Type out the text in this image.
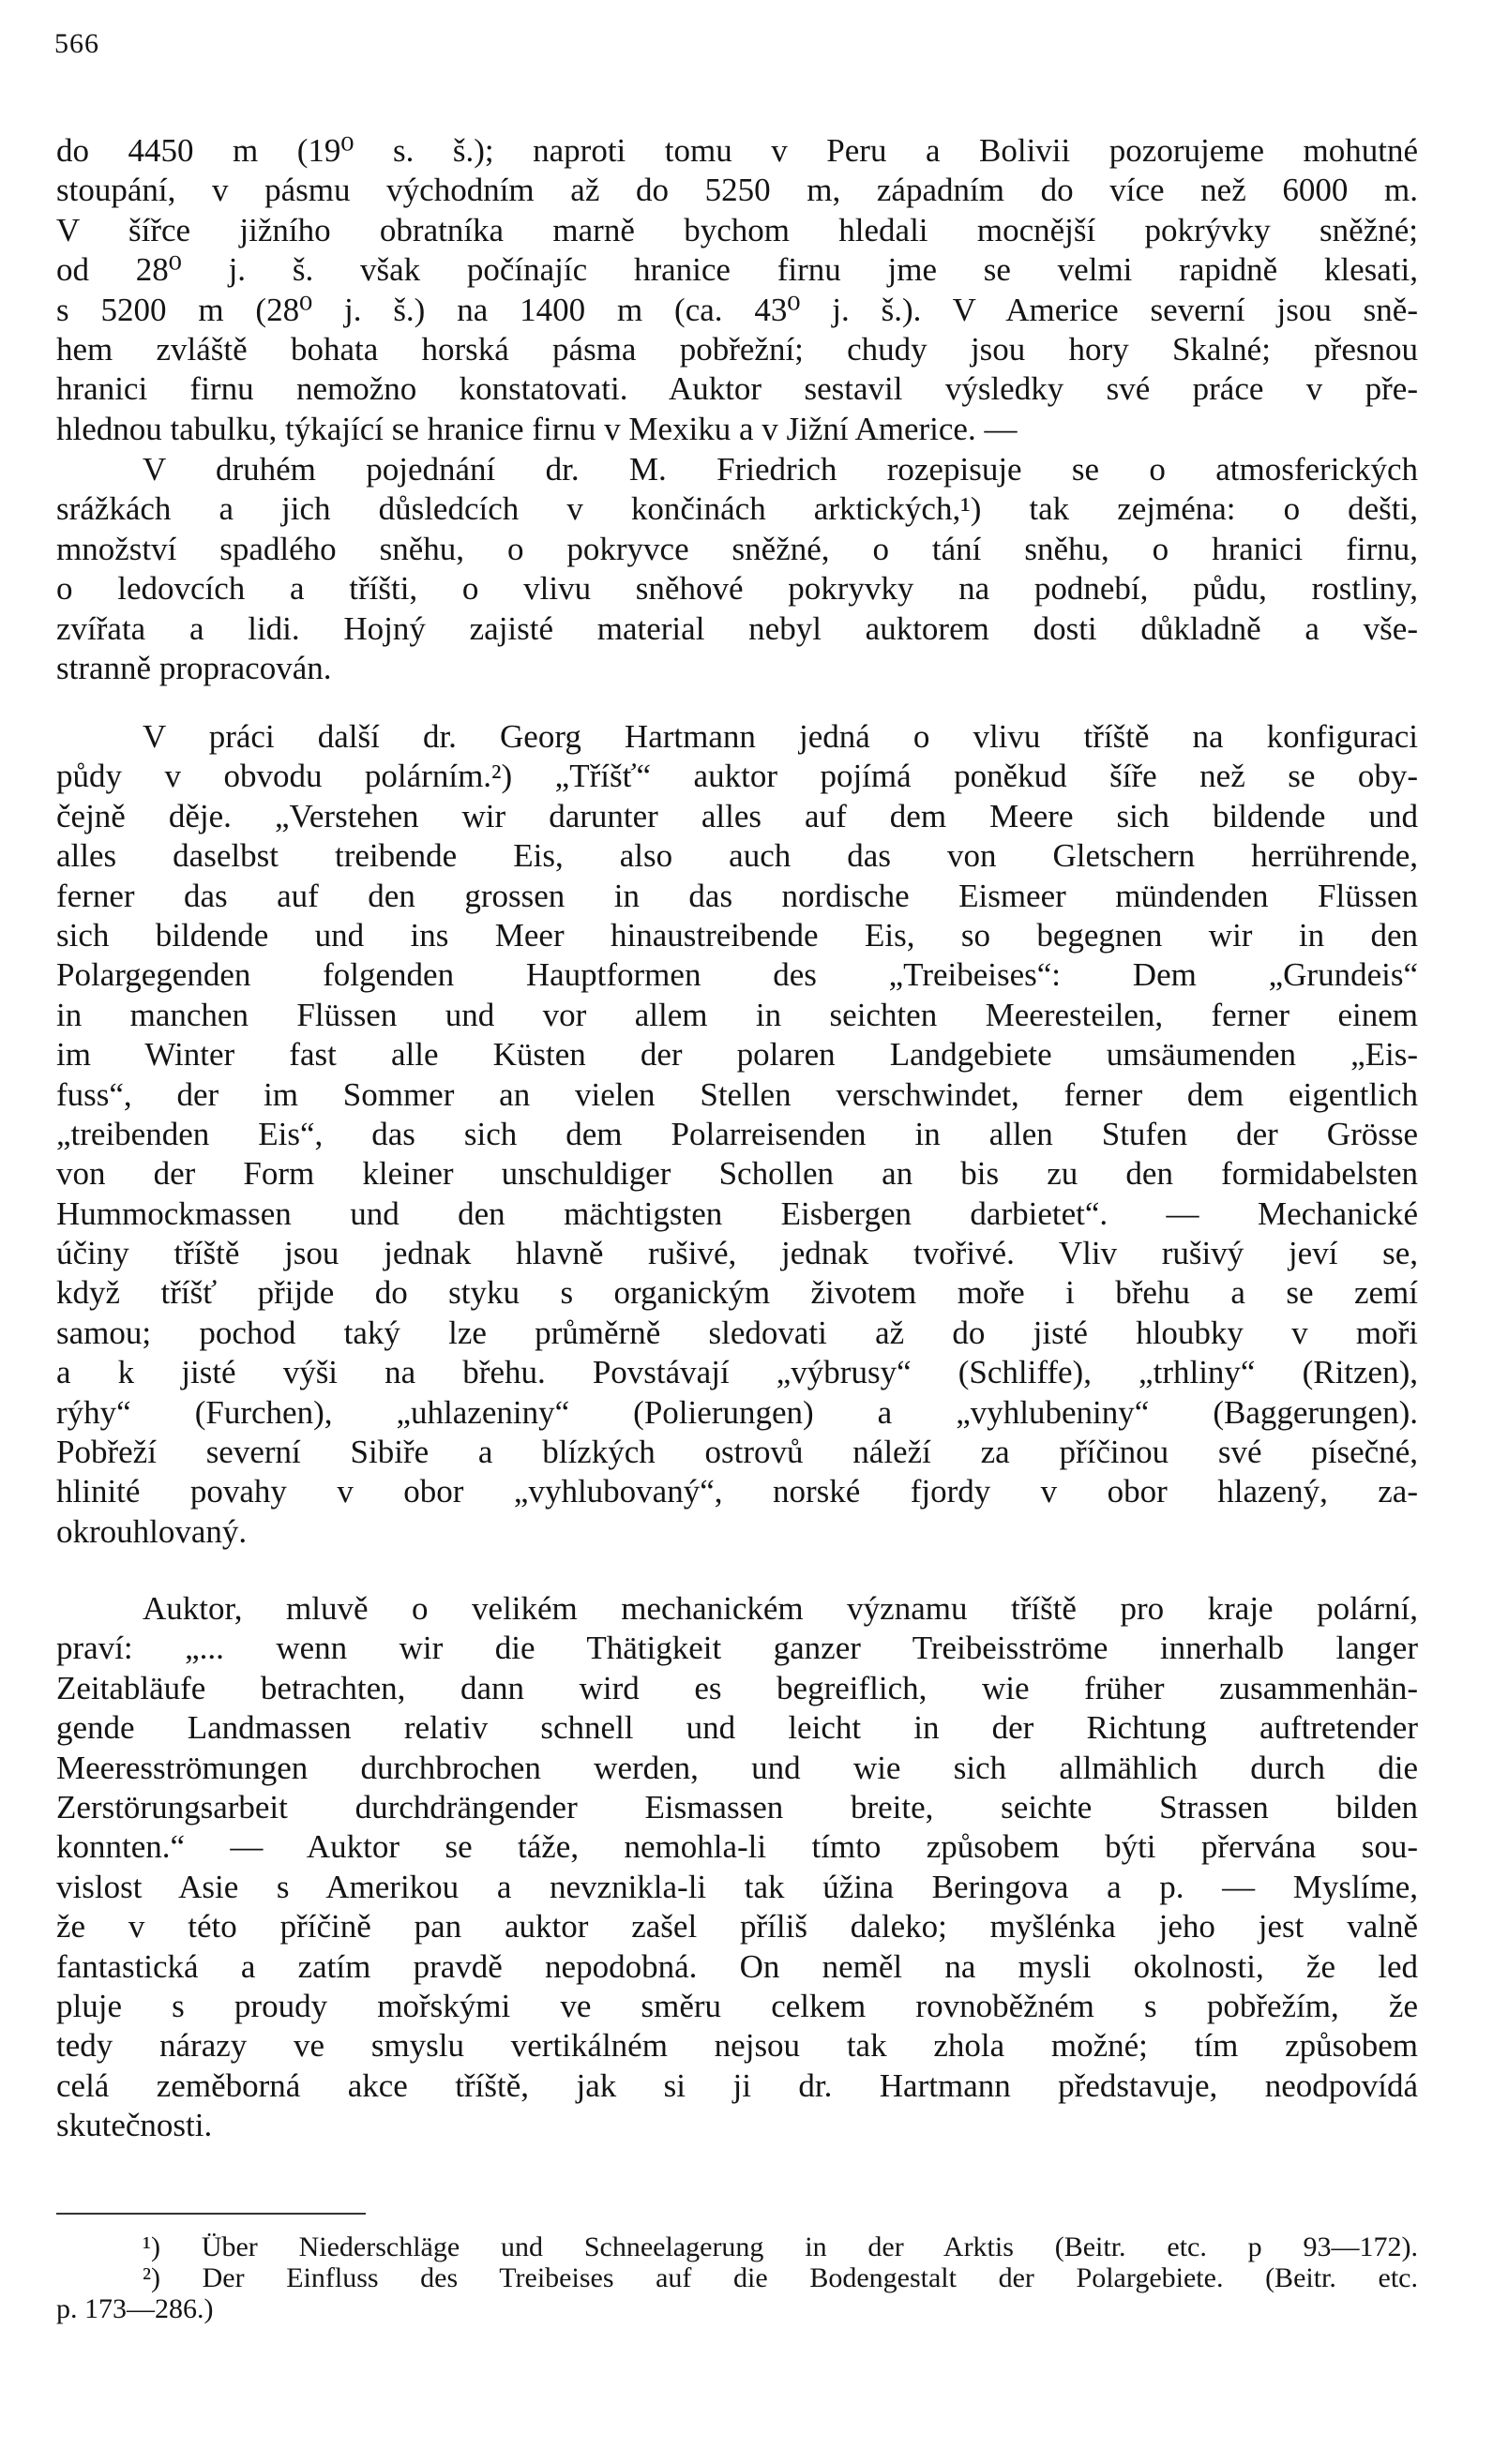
566
do 4450 m (19⁰ s. š.); naproti tomu v Peru a Bolivii pozorujeme mohutné
stoupání, v pásmu východním až do 5250 m, západním do více než 6000 m.
V šířce jižního obratníka marně bychom hledali mocnější pokrývky sněžné;
od 28⁰ j. š. však počínajíc hranice firnu jme se velmi rapidně klesati,
s 5200 m (28⁰ j. š.) na 1400 m (ca. 43⁰ j. š.). V Americe severní jsou sně-
hem zvláště bohata horská pásma pobřežní; chudy jsou hory Skalné; přesnou
hranici firnu nemožno konstatovati. Auktor sestavil výsledky své práce v pře-
hlednou tabulku, týkající se hranice firnu v Mexiku a v Jižní Americe. —
V druhém pojednání dr. M. Friedrich rozepisuje se o atmosferických
srážkách a jich důsledcích v končinách arktických,¹) tak zejména: o dešti,
množství spadlého sněhu, o pokryvce sněžné, o tání sněhu, o hranici firnu,
o ledovcích a tříšti, o vlivu sněhové pokryvky na podnebí, půdu, rostliny,
zvířata a lidi. Hojný zajisté material nebyl auktorem dosti důkladně a vše-
stranně propracován.
V práci další dr. Georg Hartmann jedná o vlivu tříště na konfiguraci
půdy v obvodu polárním.²) „Tříšť“ auktor pojímá poněkud šíře než se oby-
čejně děje. „Verstehen wir darunter alles auf dem Meere sich bildende und
alles daselbst treibende Eis, also auch das von Gletschern herrührende,
ferner das auf den grossen in das nordische Eismeer mündenden Flüssen
sich bildende und ins Meer hinaustreibende Eis, so begegnen wir in den
Polargegenden folgenden Hauptformen des „Treibeises“: Dem „Grundeis“
in manchen Flüssen und vor allem in seichten Meeresteilen, ferner einem
im Winter fast alle Küsten der polaren Landgebiete umsäumenden „Eis-
fuss“, der im Sommer an vielen Stellen verschwindet, ferner dem eigentlich
„treibenden Eis“, das sich dem Polarreisenden in allen Stufen der Grösse
von der Form kleiner unschuldiger Schollen an bis zu den formidabelsten
Hummockmassen und den mächtigsten Eisbergen darbietet“. — Mechanické
účiny tříště jsou jednak hlavně rušivé, jednak tvořivé. Vliv rušivý jeví se,
když tříšť přijde do styku s organickým životem moře i břehu a se zemí
samou; pochod taký lze průměrně sledovati až do jisté hloubky v moři
a k jisté výši na břehu. Povstávají „výbrusy“ (Schliffe), „trhliny“ (Ritzen),
rýhy“ (Furchen), „uhlazeniny“ (Polierungen) a „vyhlubeniny“ (Baggerungen).
Pobřeží severní Sibiře a blízkých ostrovů náleží za příčinou své písečné,
hlinité povahy v obor „vyhlubovaný“, norské fjordy v obor hlazený, za-
okrouhlovaný.
Auktor, mluvě o velikém mechanickém významu tříště pro kraje polární,
praví: „... wenn wir die Thätigkeit ganzer Treibeisströme innerhalb langer
Zeitabläufe betrachten, dann wird es begreiflich, wie früher zusammenhän-
gende Landmassen relativ schnell und leicht in der Richtung auftretender
Meeresströmungen durchbrochen werden, und wie sich allmählich durch die
Zerstörungsarbeit durchdrängender Eismassen breite, seichte Strassen bilden
konnten.“ — Auktor se táže, nemohla-li tímto způsobem býti přervána sou-
vislost Asie s Amerikou a nevznikla-li tak úžina Beringova a p. — Myslíme,
že v této příčině pan auktor zašel příliš daleko; myšlénka jeho jest valně
fantastická a zatím pravdě nepodobná. On neměl na mysli okolnosti, že led
pluje s proudy mořskými ve směru celkem rovnoběžném s pobřežím, že
tedy nárazy ve smyslu vertikálném nejsou tak zhola možné; tím způsobem
celá zeměborná akce tříště, jak si ji dr. Hartmann představuje, neodpovídá
skutečnosti.
¹) Über Niederschläge und Schneelagerung in der Arktis (Beitr. etc. p 93—172).
²) Der Einfluss des Treibeises auf die Bodengestalt der Polargebiete. (Beitr. etc.
p. 173—286.)
